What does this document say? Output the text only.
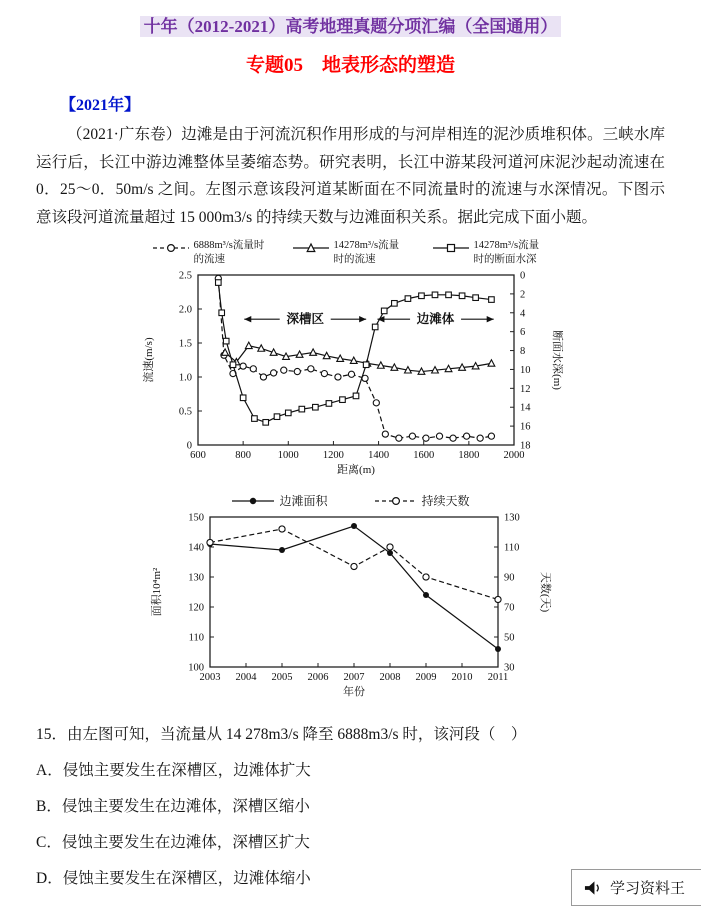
十年（2012-2021）高考地理真题分项汇编（全国通用）
专题05　地表形态的塑造
【2021年】

（2021·广东卷）边滩是由于河流沉积作用形成的与河岸相连的泥沙质堆积体。三峡水库运行后，长江中游边滩整体呈萎缩态势。研究表明，长江中游某段河道河床泥沙起动流速在 0．25～0．50m/s 之间。左图示意该段河道某断面在不同流量时的流速与水深情况。下图示意该段河道流量超过 15 000m3/s 的持续天数与边滩面积关系。据此完成下面小题。

6888m³/s流量时的流速
14278m³/s流量时的流速
14278m³/s流量时的断面水深
600	800	1000 1200 1400 1600 1800 2000
0
0.5
1.0
1.5
2.0
2.5	0
2
4
6
8
10
12
14
16
18
深槽区	边滩体
流速(m/s)	断面水深(m)
距离(m)
边滩面积	持续天数
2003 2004 2005 2006 2007 2008 2009 2010 2011
100
110
120
130
140
150
30
50
70
90
110
130
面积10⁴m²	天数(天)
年份
15．由左图可知，当流量从 14 278m3/s 降至 6888m3/s 时，该河段（　）
A．侵蚀主要发生在深槽区，边滩体扩大
B．侵蚀主要发生在边滩体，深槽区缩小
C．侵蚀主要发生在边滩体，深槽区扩大
D．侵蚀主要发生在深槽区，边滩体缩小
学习资料王
